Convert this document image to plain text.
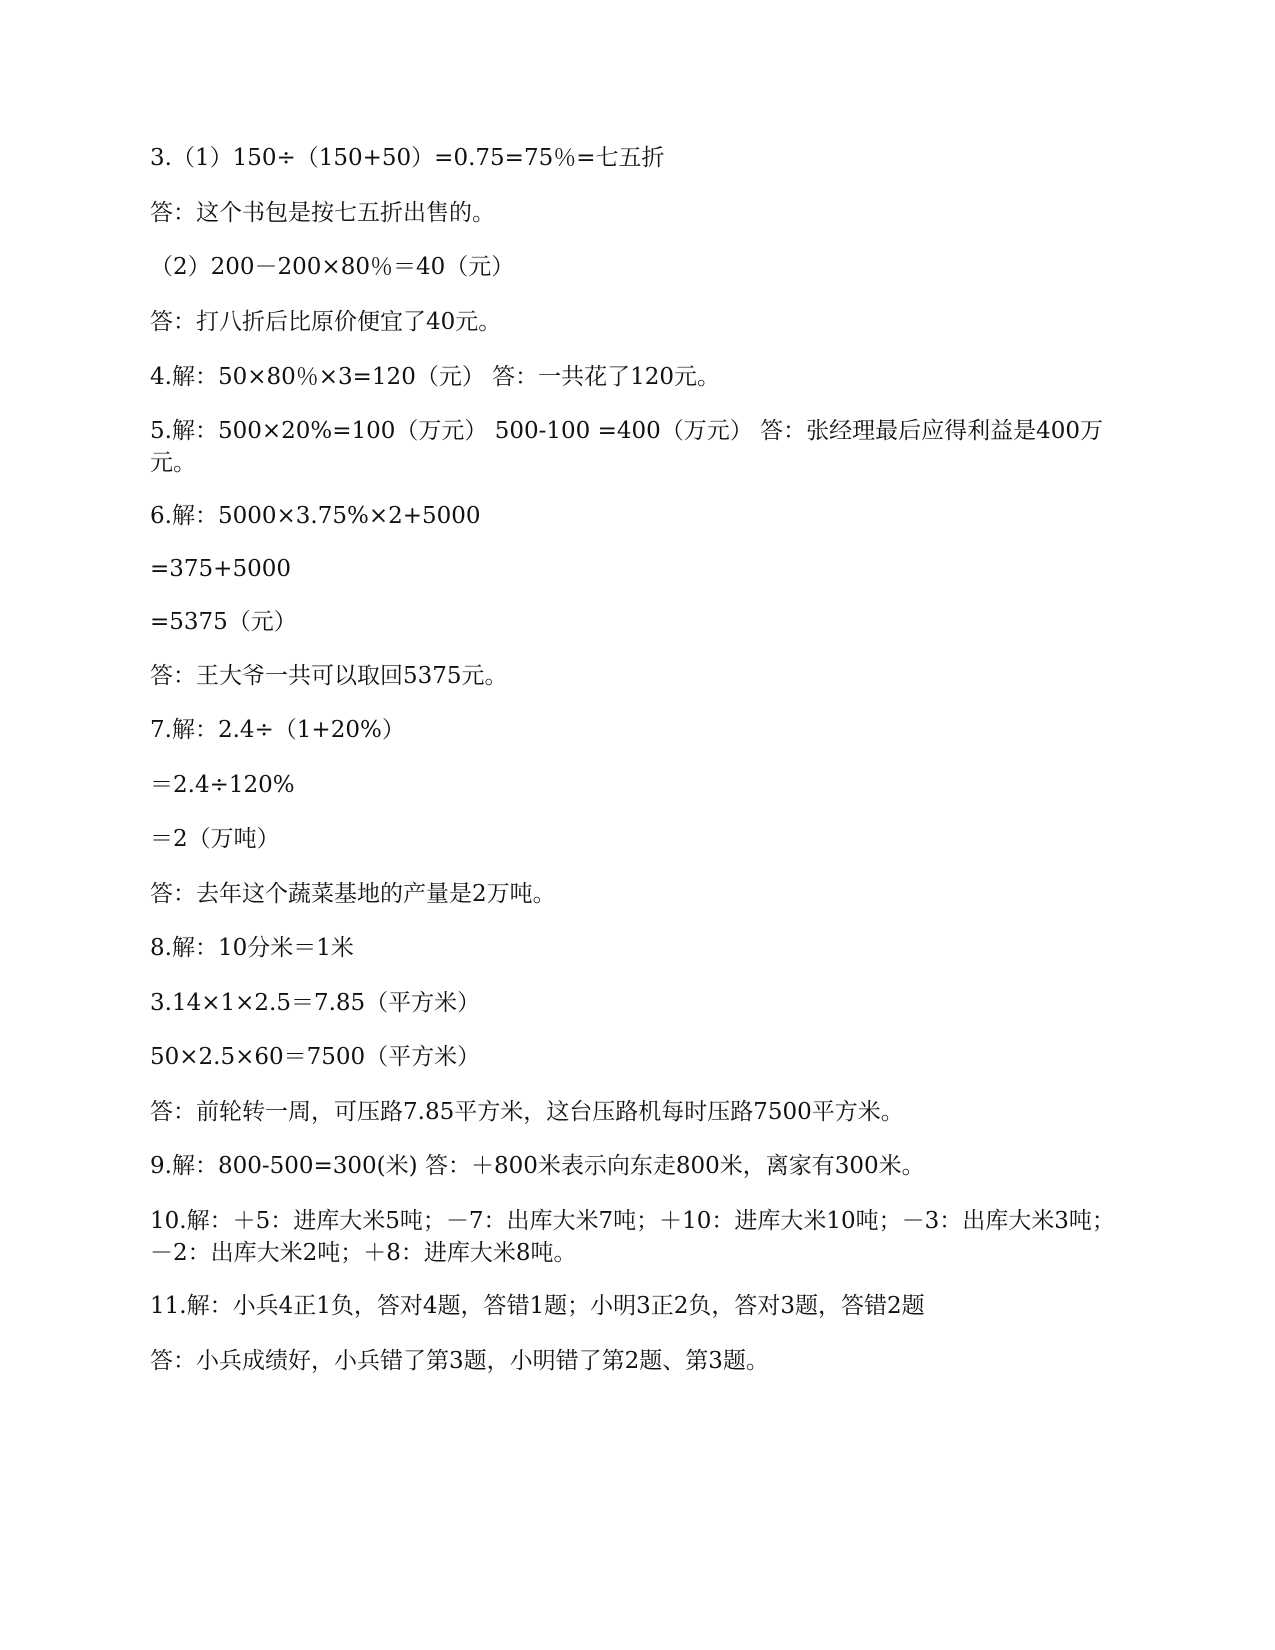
3.（1）150÷（150+50）=0.75=75％=七五折
答：这个书包是按七五折出售的。
（2）200－200×80％＝40（元）
答：打八折后比原价便宜了40元。
4.解：50×80％×3=120（元） 答：一共花了120元。
5.解：500×20%=100（万元） 500-100 =400（万元） 答：张经理最后应得利益是400万元。
6.解：5000×3.75%×2+5000
=375+5000
=5375（元）
答：王大爷一共可以取回5375元。
7.解：2.4÷（1+20%）
＝2.4÷120%
＝2（万吨）
答：去年这个蔬菜基地的产量是2万吨。
8.解：10分米＝1米
3.14×1×2.5＝7.85（平方米）
50×2.5×60＝7500（平方米）
答：前轮转一周，可压路7.85平方米，这台压路机每时压路7500平方米。
9.解：800-500=300(米) 答：＋800米表示向东走800米，离家有300米。
10.解：＋5：进库大米5吨；－7：出库大米7吨；＋10：进库大米10吨；－3：出库大米3吨；－2：出库大米2吨；＋8：进库大米8吨。
11.解：小兵4正1负，答对4题，答错1题；小明3正2负，答对3题，答错2题
答：小兵成绩好，小兵错了第3题，小明错了第2题、第3题。
